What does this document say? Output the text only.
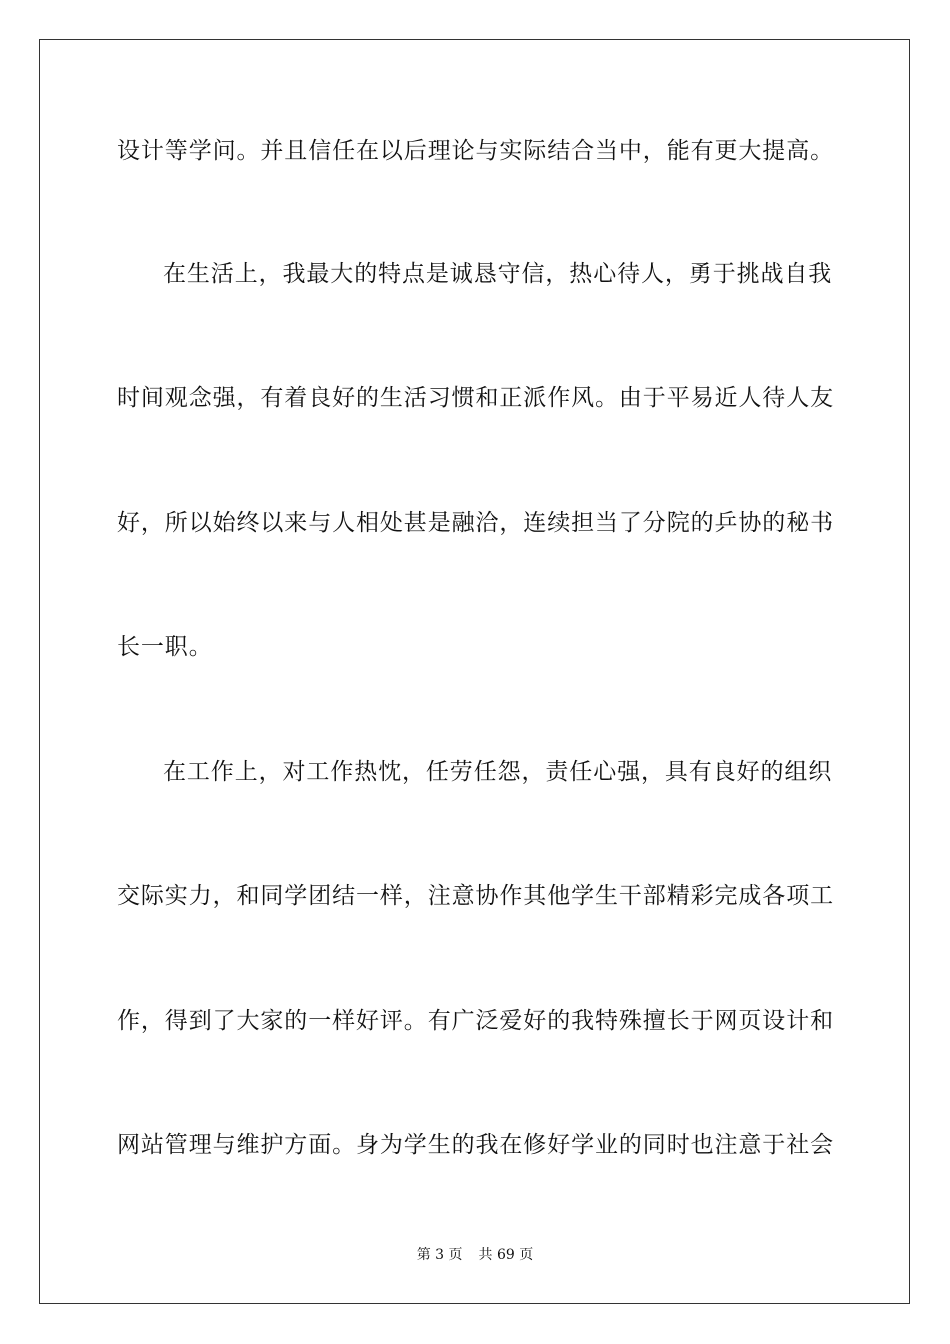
设计等学问。并且信任在以后理论与实际结合当中，能有更大提高。
在生活上，我最大的特点是诚恳守信，热心待人，勇于挑战自我
时间观念强，有着良好的生活习惯和正派作风。由于平易近人待人友
好，所以始终以来与人相处甚是融洽，连续担当了分院的乒协的秘书
长一职。
在工作上，对工作热忱，任劳任怨，责任心强，具有良好的组织
交际实力，和同学团结一样，注意协作其他学生干部精彩完成各项工
作，得到了大家的一样好评。有广泛爱好的我特殊擅长于网页设计和
网站管理与维护方面。身为学生的我在修好学业的同时也注意于社会
第 3 页 共 69 页
